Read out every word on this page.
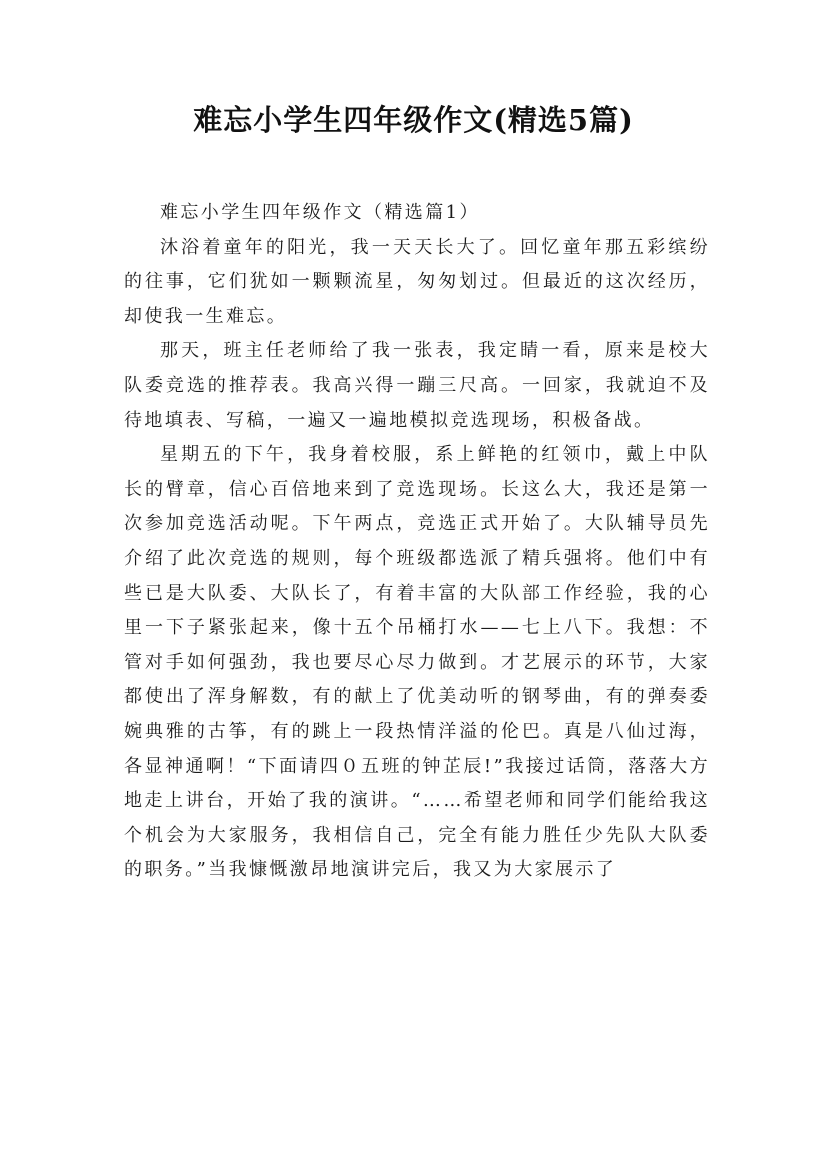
难忘小学生四年级作文(精选5篇)

难忘小学生四年级作文（精选篇1）

沐浴着童年的阳光，我一天天长大了。回忆童年那五彩缤纷的往事，它们犹如一颗颗流星，匆匆划过。但最近的这次经历，却使我一生难忘。

那天，班主任老师给了我一张表，我定睛一看，原来是校大队委竞选的推荐表。我高兴得一蹦三尺高。一回家，我就迫不及待地填表、写稿，一遍又一遍地模拟竞选现场，积极备战。

星期五的下午，我身着校服，系上鲜艳的红领巾，戴上中队长的臂章，信心百倍地来到了竞选现场。长这么大，我还是第一次参加竞选活动呢。下午两点，竞选正式开始了。大队辅导员先介绍了此次竞选的规则，每个班级都选派了精兵强将。他们中有些已是大队委、大队长了，有着丰富的大队部工作经验，我的心里一下子紧张起来，像十五个吊桶打水——七上八下。我想：不管对手如何强劲，我也要尽心尽力做到。才艺展示的环节，大家都使出了浑身解数，有的献上了优美动听的钢琴曲，有的弹奏委婉典雅的古筝，有的跳上一段热情洋溢的伦巴。真是八仙过海，各显神通啊！“下面请四０五班的钟芷辰!”我接过话筒，落落大方地走上讲台，开始了我的演讲。“……希望老师和同学们能给我这个机会为大家服务，我相信自己，完全有能力胜任少先队大队委的职务。”当我慷慨激昂地演讲完后，我又为大家展示了
